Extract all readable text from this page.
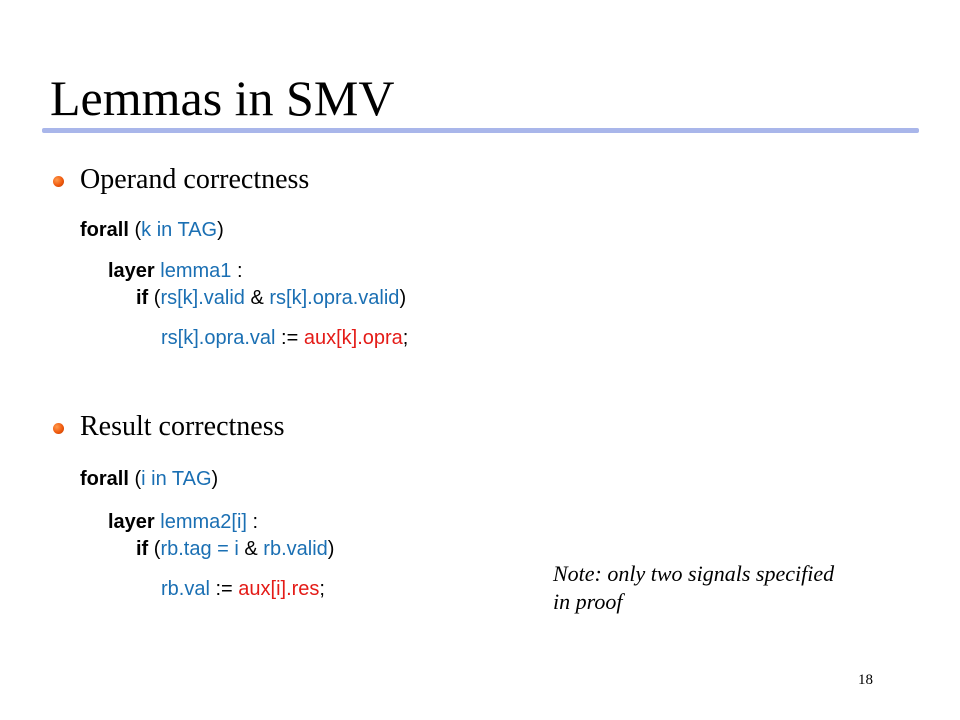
Lemmas in SMV
Operand correctness
forall (k in TAG)
layer lemma1 :
if (rs[k].valid & rs[k].opra.valid)
rs[k].opra.val := aux[k].opra;
Result correctness
forall (i in TAG)
layer lemma2[i] :
if (rb.tag = i & rb.valid)
rb.val := aux[i].res;
Note: only two signals specified
in proof
18
